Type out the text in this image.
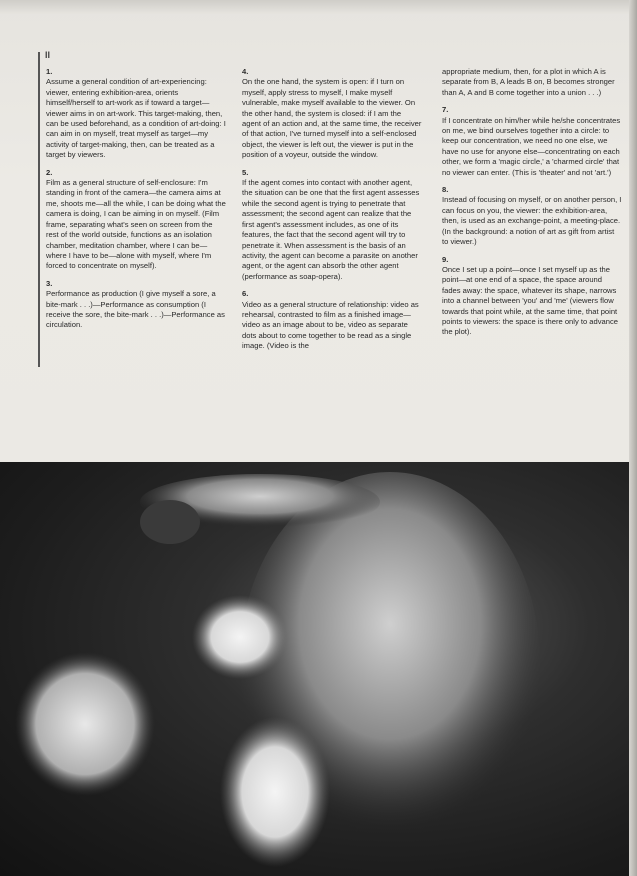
II

1.
Assume a general condition of art-experiencing: viewer, entering exhibition-area, orients himself/herself to art-work as if toward a target—viewer aims in on art-work. This target-making, then, can be used beforehand, as a condition of art-doing: I can aim in on myself, treat myself as target—my activity of target-making, then, can be treated as a target by viewers.

2.
Film as a general structure of self-enclosure: I'm standing in front of the camera—the camera aims at me, shoots me—all the while, I can be doing what the camera is doing, I can be aiming in on myself. (Film frame, separating what's seen on screen from the rest of the world outside, functions as an isolation chamber, meditation chamber, where I can be—where I have to be—alone with myself, where I'm forced to concentrate on myself).

3.
Performance as production (I give myself a sore, a bite-mark . . .)—Performance as consumption (I receive the sore, the bite-mark . . .)—Performance as circulation.

4.
On the one hand, the system is open: if I turn on myself, apply stress to myself, I make myself vulnerable, make myself available to the viewer. On the other hand, the system is closed: if I am the agent of an action and, at the same time, the receiver of that action, I've turned myself into a self-enclosed object, the viewer is left out, the viewer is put in the position of a voyeur, outside the window.

5.
If the agent comes into contact with another agent, the situation can be one that the first agent assesses while the second agent is trying to penetrate that assessment; the second agent can realize that the first agent's assessment includes, as one of its features, the fact that the second agent will try to penetrate it. When assessment is the basis of an activity, the agent can become a parasite on another agent, or the agent can absorb the other agent (performance as soap-opera).

6.
Video as a general structure of relationship: video as rehearsal, contrasted to film as a finished image—video as an image about to be, video as separate dots about to come together to be read as a single image. (Video is the

appropriate medium, then, for a plot in which A is separate from B, A leads B on, B becomes stronger than A, A and B come together into a union . . .)

7.
If I concentrate on him/her while he/she concentrates on me, we bind ourselves together into a circle: to keep our concentration, we need no one else, we have no use for anyone else—concentrating on each other, we form a 'magic circle,' a 'charmed circle' that no viewer can enter. (This is 'theater' and not 'art.')

8.
Instead of focusing on myself, or on another person, I can focus on you, the viewer: the exhibition-area, then, is used as an exchange-point, a meeting-place. (In the background: a notion of art as gift from artist to viewer.)

9.
Once I set up a point—once I set myself up as the point—at one end of a space, the space around fades away: the space, whatever its shape, narrows into a channel between 'you' and 'me' (viewers flow towards that point while, at the same time, that point points to viewers: the space is there only to advance the plot).
